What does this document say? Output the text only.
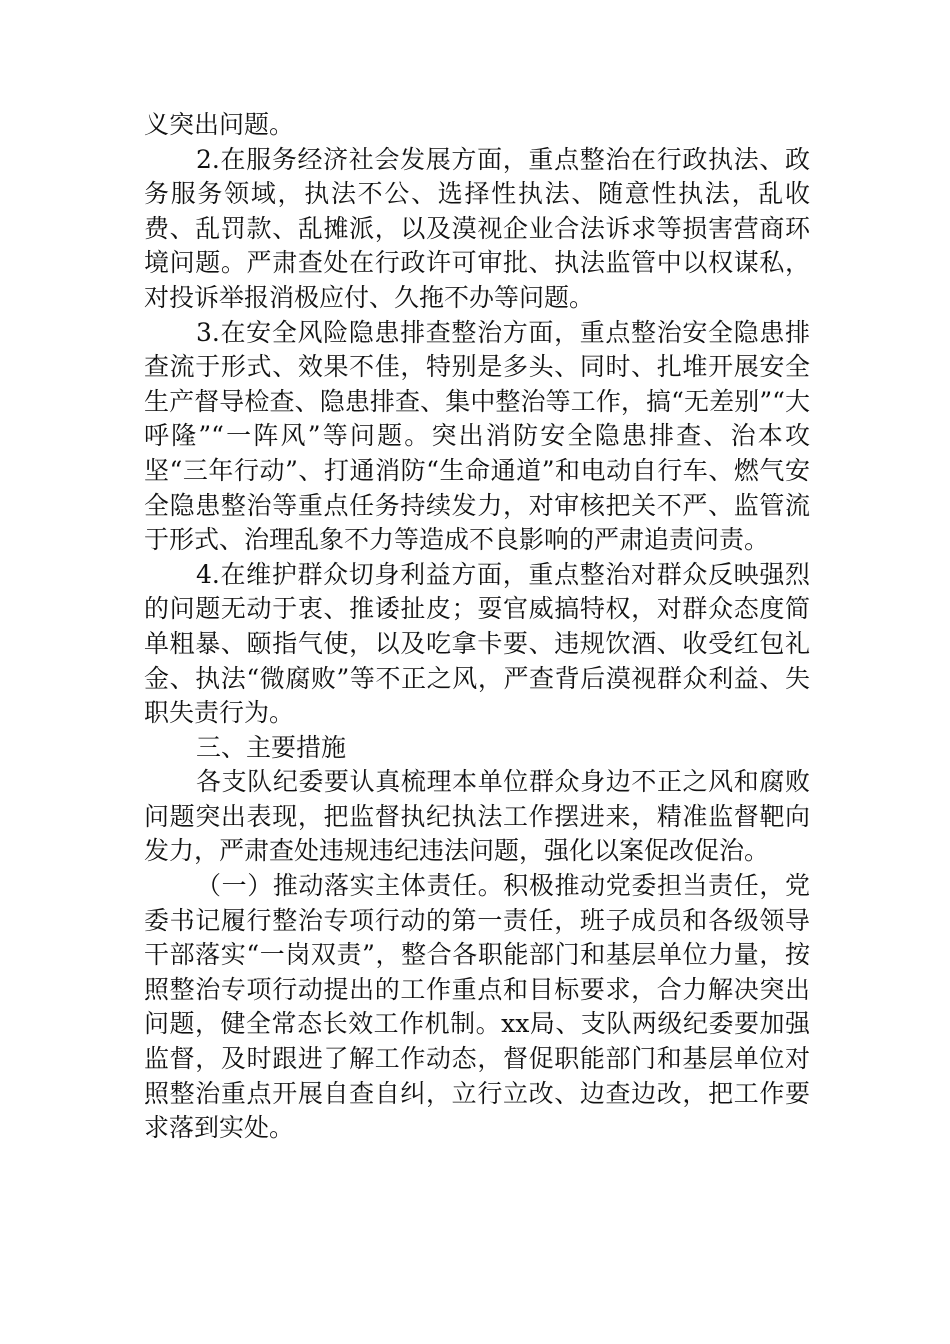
义突出问题。

2.在服务经济社会发展方面，重点整治在行政执法、政务服务领域，执法不公、选择性执法、随意性执法，乱收费、乱罚款、乱摊派，以及漠视企业合法诉求等损害营商环境问题。严肃查处在行政许可审批、执法监管中以权谋私，对投诉举报消极应付、久拖不办等问题。

3.在安全风险隐患排查整治方面，重点整治安全隐患排查流于形式、效果不佳，特别是多头、同时、扎堆开展安全生产督导检查、隐患排查、集中整治等工作，搞“无差别”“大呼隆”“一阵风”等问题。突出消防安全隐患排查、治本攻坚“三年行动”、打通消防“生命通道”和电动自行车、燃气安全隐患整治等重点任务持续发力，对审核把关不严、监管流于形式、治理乱象不力等造成不良影响的严肃追责问责。

4.在维护群众切身利益方面，重点整治对群众反映强烈的问题无动于衷、推诿扯皮；耍官威搞特权，对群众态度简单粗暴、颐指气使，以及吃拿卡要、违规饮酒、收受红包礼金、执法“微腐败”等不正之风，严查背后漠视群众利益、失职失责行为。

三、主要措施

各支队纪委要认真梳理本单位群众身边不正之风和腐败问题突出表现，把监督执纪执法工作摆进来，精准监督靶向发力，严肃查处违规违纪违法问题，强化以案促改促治。

（一）推动落实主体责任。积极推动党委担当责任，党委书记履行整治专项行动的第一责任，班子成员和各级领导干部落实“一岗双责”，整合各职能部门和基层单位力量，按照整治专项行动提出的工作重点和目标要求，合力解决突出问题，健全常态长效工作机制。xx局、支队两级纪委要加强监督，及时跟进了解工作动态，督促职能部门和基层单位对照整治重点开展自查自纠，立行立改、边查边改，把工作要求落到实处。
